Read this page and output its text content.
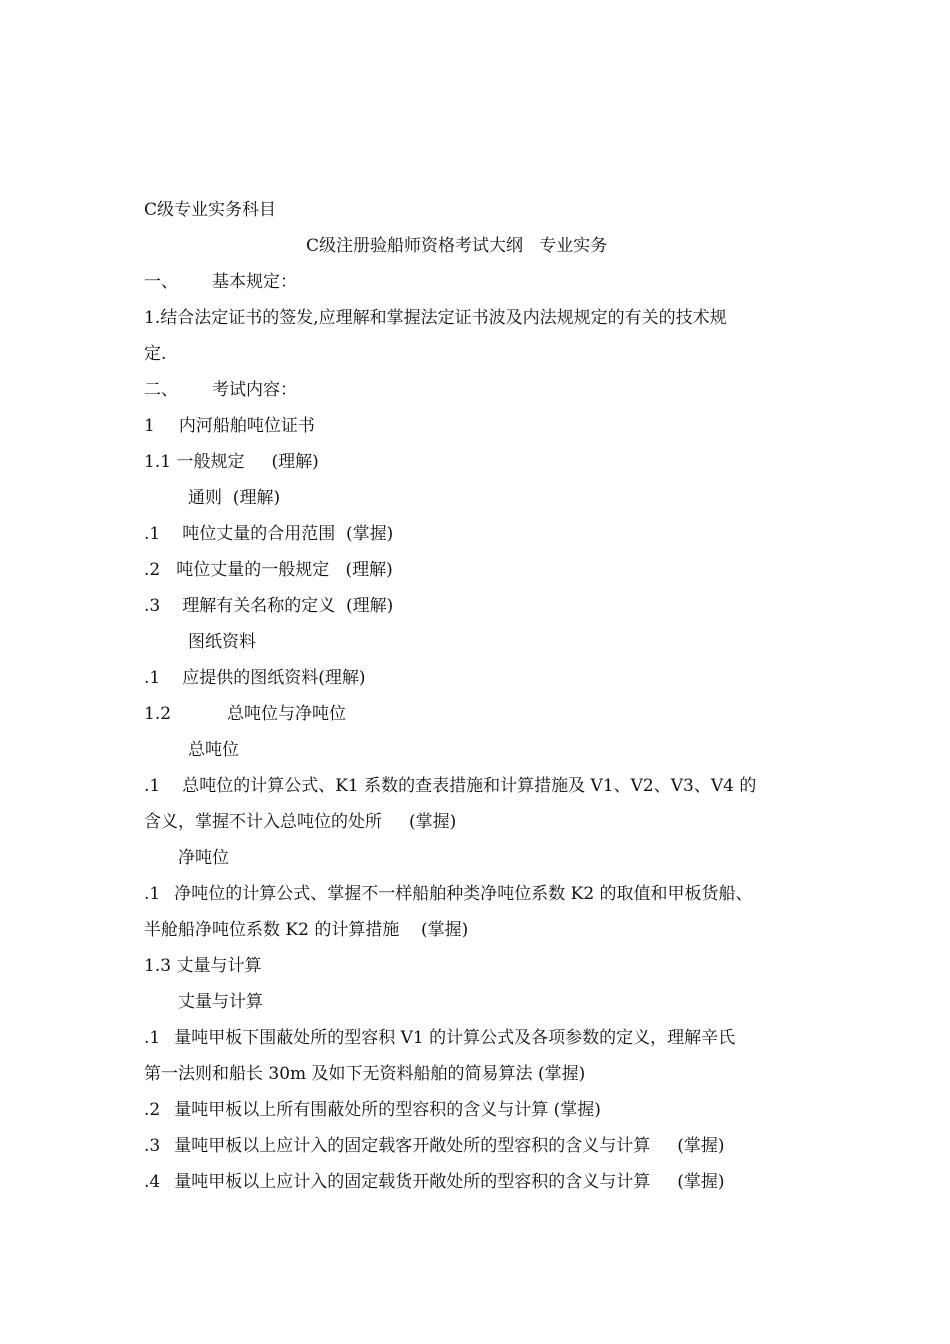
C级专业实务科目
C级注册验船师资格考试大纲   专业实务
一、 基本规定：
1.结合法定证书的签发,应理解和掌握法定证书波及内法规规定的有关的技术规
定.
二、 考试内容：
1 内河船舶吨位证书
1.1 一般规定     (理解)
通则  (理解)
.1 吨位丈量的合用范围  (掌握)
.2 吨位丈量的一般规定   (理解)
.3 理解有关名称的定义  (理解)
图纸资料
.1 应提供的图纸资料(理解)
1.2	总吨位与净吨位
总吨位
.1 总吨位的计算公式、K1 系数的查表措施和计算措施及 V1、V2、V3、V4 的
含义，掌握不计入总吨位的处所     (掌握)
净吨位
.1 净吨位的计算公式、掌握不一样船舶种类净吨位系数 K2 的取值和甲板货船、
半舱船净吨位系数 K2 的计算措施    (掌握)
1.3 丈量与计算
丈量与计算
.1 量吨甲板下围蔽处所的型容积 V1 的计算公式及各项参数的定义，理解辛氏
第一法则和船长 30m 及如下无资料船舶的简易算法 (掌握)
.2 量吨甲板以上所有围蔽处所的型容积的含义与计算 (掌握)
.3 量吨甲板以上应计入的固定载客开敞处所的型容积的含义与计算     (掌握)
.4 量吨甲板以上应计入的固定载货开敞处所的型容积的含义与计算     (掌握)
